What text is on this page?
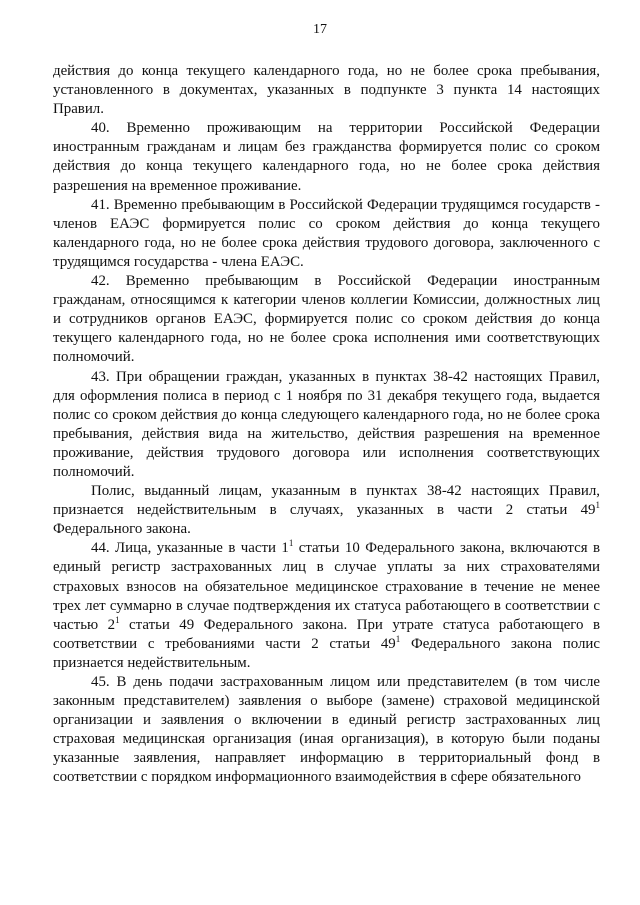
17

действия до конца текущего календарного года, но не более срока пребывания, установленного в документах, указанных в подпункте 3 пункта 14 настоящих Правил.

40. Временно проживающим на территории Российской Федерации иностранным гражданам и лицам без гражданства формируется полис со сроком действия до конца текущего календарного года, но не более срока действия разрешения на временное проживание.

41. Временно пребывающим в Российской Федерации трудящимся государств - членов ЕАЭС формируется полис со сроком действия до конца текущего календарного года, но не более срока действия трудового договора, заключенного с трудящимся государства - члена ЕАЭС.

42. Временно пребывающим в Российской Федерации иностранным гражданам, относящимся к категории членов коллегии Комиссии, должностных лиц и сотрудников органов ЕАЭС, формируется полис со сроком действия до конца текущего календарного года, но не более срока исполнения ими соответствующих полномочий.

43. При обращении граждан, указанных в пунктах 38-42 настоящих Правил, для оформления полиса в период с 1 ноября по 31 декабря текущего года, выдается полис со сроком действия до конца следующего календарного года, но не более срока пребывания, действия вида на жительство, действия разрешения на временное проживание, действия трудового договора или исполнения соответствующих полномочий.

Полис, выданный лицам, указанным в пунктах 38-42 настоящих Правил, признается недействительным в случаях, указанных в части 2 статьи $49^1$ Федерального закона.

44. Лица, указанные в части $1^1$ статьи 10 Федерального закона, включаются в единый регистр застрахованных лиц в случае уплаты за них страхователями страховых взносов на обязательное медицинское страхование в течение не менее трех лет суммарно в случае подтверждения их статуса работающего в соответствии с частью $2^1$ статьи 49 Федерального закона. При утрате статуса работающего в соответствии с требованиями части 2 статьи $49^1$ Федерального закона полис признается недействительным.

45. В день подачи застрахованным лицом или представителем (в том числе законным представителем) заявления о выборе (замене) страховой медицинской организации и заявления о включении в единый регистр застрахованных лиц страховая медицинская организация (иная организация), в которую были поданы указанные заявления, направляет информацию в территориальный фонд в соответствии с порядком информационного взаимодействия в сфере обязательного
